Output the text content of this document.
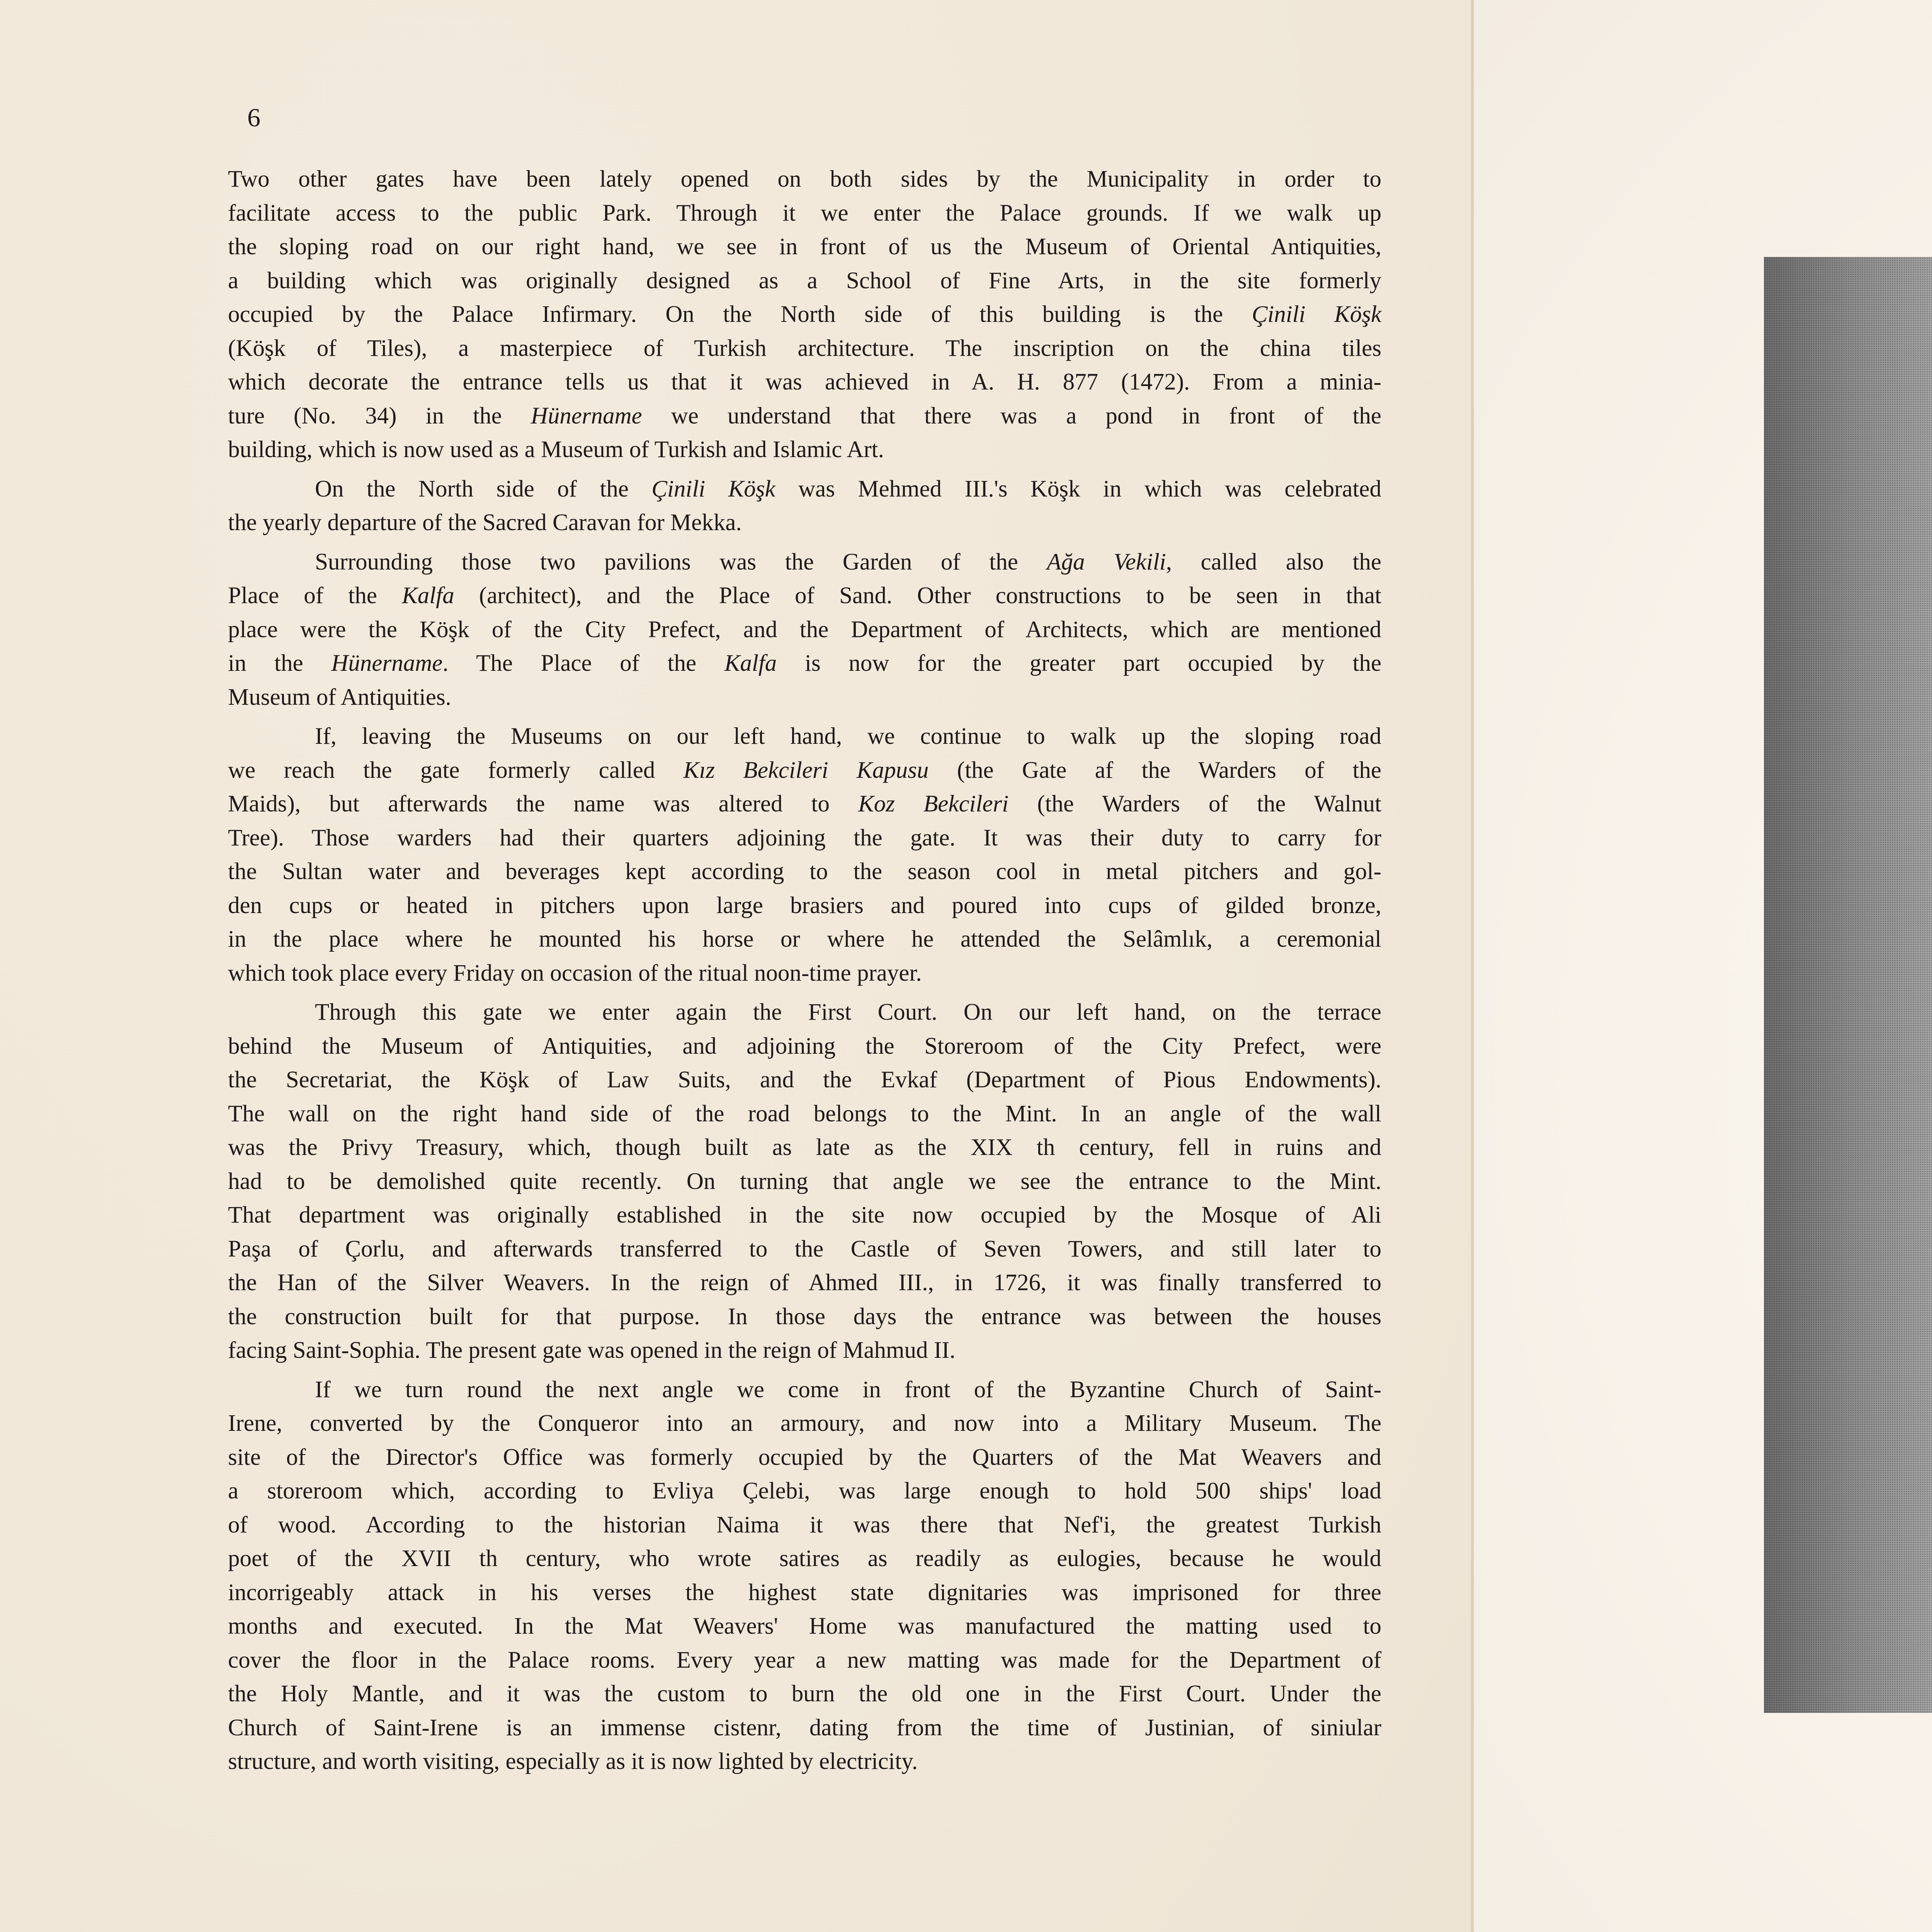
6
Two other gates have been lately opened on both sides by the Municipality in order to
facilitate access to the public Park. Through it we enter the Palace grounds. If we walk up
the sloping road on our right hand, we see in front of us the Museum of Oriental Antiquities,
a building which was originally designed as a School of Fine Arts, in the site formerly
occupied by the Palace Infirmary. On the North side of this building is the Çinili Köşk
(Köşk of Tiles), a masterpiece of Turkish architecture. The inscription on the china tiles
which decorate the entrance tells us that it was achieved in A. H. 877 (1472). From a minia-
ture (No. 34) in the Hünername we understand that there was a pond in front of the
building, which is now used as a Museum of Turkish and Islamic Art.
On the North side of the Çinili Köşk was Mehmed III.'s Köşk in which was celebrated
the yearly departure of the Sacred Caravan for Mekka.
Surrounding those two pavilions was the Garden of the Ağa Vekili, called also the
Place of the Kalfa (architect), and the Place of Sand. Other constructions to be seen in that
place were the Köşk of the City Prefect, and the Department of Architects, which are mentioned
in the Hünername. The Place of the Kalfa is now for the greater part occupied by the
Museum of Antiquities.
If, leaving the Museums on our left hand, we continue to walk up the sloping road
we reach the gate formerly called Kız Bekcileri Kapusu (the Gate af the Warders of the
Maids), but afterwards the name was altered to Koz Bekcileri (the Warders of the Walnut
Tree). Those warders had their quarters adjoining the gate. It was their duty to carry for
the Sultan water and beverages kept according to the season cool in metal pitchers and gol-
den cups or heated in pitchers upon large brasiers and poured into cups of gilded bronze,
in the place where he mounted his horse or where he attended the Selâmlık, a ceremonial
which took place every Friday on occasion of the ritual noon-time prayer.
Through this gate we enter again the First Court. On our left hand, on the terrace
behind the Museum of Antiquities, and adjoining the Storeroom of the City Prefect, were
the Secretariat, the Köşk of Law Suits, and the Evkaf (Department of Pious Endowments).
The wall on the right hand side of the road belongs to the Mint. In an angle of the wall
was the Privy Treasury, which, though built as late as the XIX th century, fell in ruins and
had to be demolished quite recently. On turning that angle we see the entrance to the Mint.
That department was originally established in the site now occupied by the Mosque of Ali
Paşa of Çorlu, and afterwards transferred to the Castle of Seven Towers, and still later to
the Han of the Silver Weavers. In the reign of Ahmed III., in 1726, it was finally transferred to
the construction built for that purpose. In those days the entrance was between the houses
facing Saint-Sophia. The present gate was opened in the reign of Mahmud II.
If we turn round the next angle we come in front of the Byzantine Church of Saint-
Irene, converted by the Conqueror into an armoury, and now into a Military Museum. The
site of the Director's Office was formerly occupied by the Quarters of the Mat Weavers and
a storeroom which, according to Evliya Çelebi, was large enough to hold 500 ships' load
of wood. According to the historian Naima it was there that Nef'i, the greatest Turkish
poet of the XVII th century, who wrote satires as readily as eulogies, because he would
incorrigeably attack in his verses the highest state dignitaries was imprisoned for three
months and executed. In the Mat Weavers' Home was manufactured the matting used to
cover the floor in the Palace rooms. Every year a new matting was made for the Department of
the Holy Mantle, and it was the custom to burn the old one in the First Court. Under the
Church of Saint-Irene is an immense cistenr, dating from the time of Justinian, of siniular
structure, and worth visiting, especially as it is now lighted by electricity.
